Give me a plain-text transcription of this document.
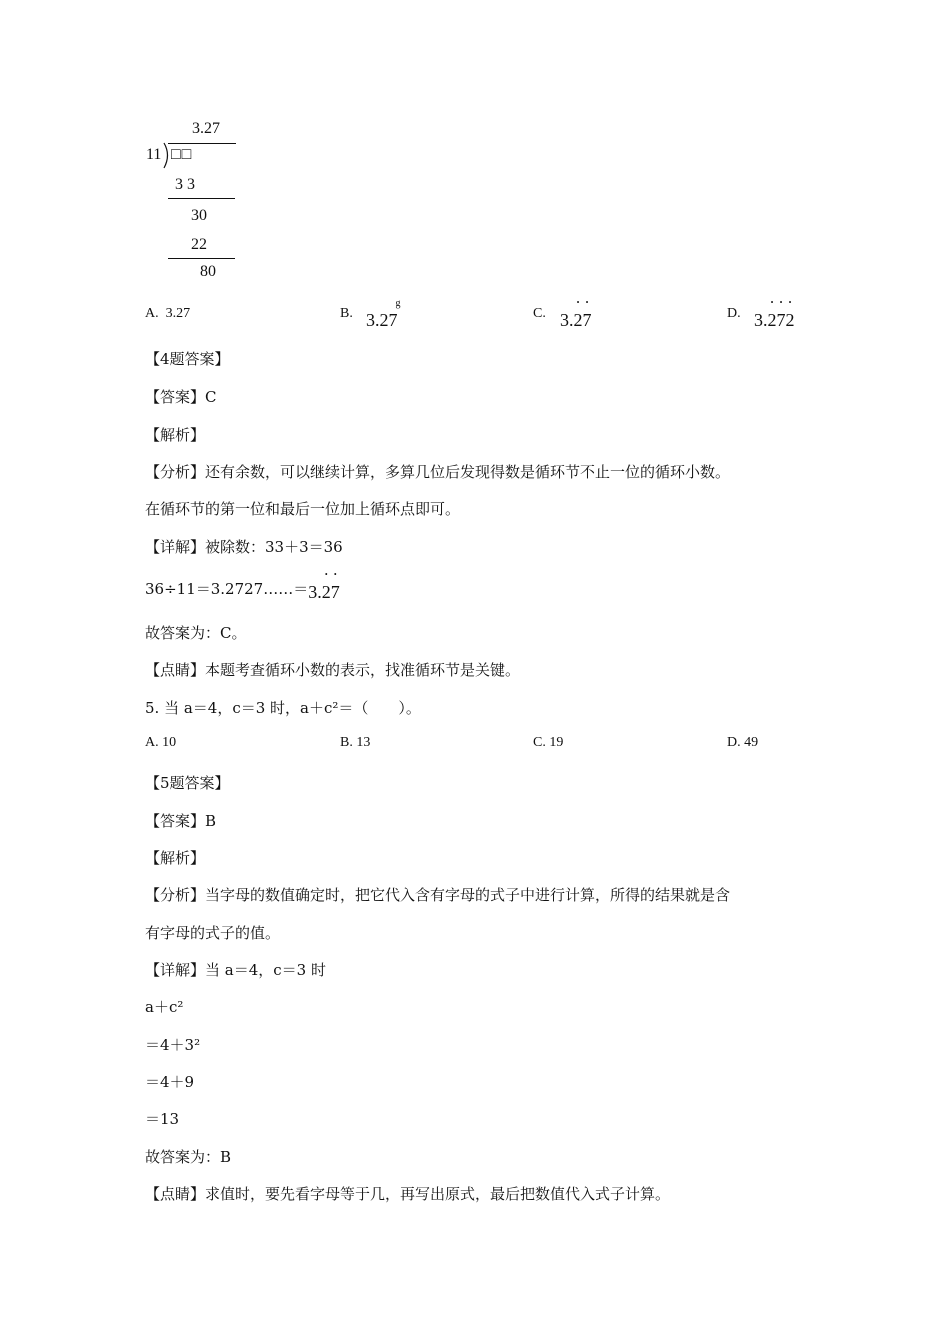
3.27
11 □□
3 3
30
22
80
A. 3.27	B. 3.27
g
C. 3.• 2• 7	D. 3.• 2• 7• 2
【4题答案】
【答案】C
【解析】
【分析】还有余数，可以继续计算，多算几位后发现得数是循环节不止一位的循环小数。
在循环节的第一位和最后一位加上循环点即可。
【详解】被除数：33＋3＝36
36÷11＝3.2727……＝3.• 2• 7
故答案为：C。
【点睛】本题考查循环小数的表示，找准循环节是关键。
5. 当 a＝4，c＝3 时，a＋c²＝（　　）。
A. 10	B. 13	C. 19	D. 49
【5题答案】
【答案】B
【解析】
【分析】当字母的数值确定时，把它代入含有字母的式子中进行计算，所得的结果就是含
有字母的式子的值。
【详解】当 a＝4，c＝3 时
a＋c²
＝4＋3²
＝4＋9
＝13
故答案为：B
【点睛】求值时，要先看字母等于几，再写出原式，最后把数值代入式子计算。
